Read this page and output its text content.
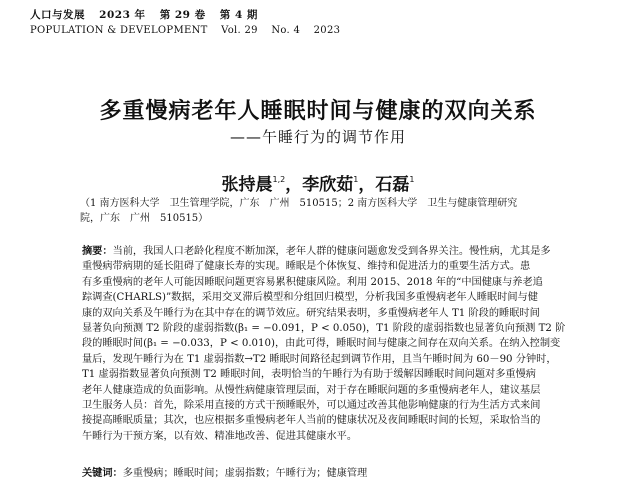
人口与发展 2023 年 第 29 卷 第 4 期
POPULATION & DEVELOPMENT Vol. 29 No. 4 2023
多重慢病老年人睡眠时间与健康的双向关系
——午睡行为的调节作用
张持晨$^{1,2}$，李欣茹$^1$，石磊$^1$
（1 南方医科大学　卫生管理学院，广东　广州　510515；2 南方医科大学　卫生与健康管理研究
院，广东　广州　510515）
摘要：当前，我国人口老龄化程度不断加深，老年人群的健康问题愈发受到各界关注。慢性病，尤其是多
重慢病带病期的延长阻碍了健康长寿的实现。睡眠是个体恢复、维持和促进活力的重要生活方式。患
有多重慢病的老年人可能因睡眠问题更容易累积健康风险。利用 2015、2018 年的“中国健康与养老追
踪调查(CHARLS)”数据，采用交叉滞后模型和分组回归模型，分析我国多重慢病老年人睡眠时间与健
康的双向关系及午睡行为在其中存在的调节效应。研究结果表明，多重慢病老年人 T1 阶段的睡眠时间
显著负向预测 T2 阶段的虚弱指数(β₁ = −0.091，P < 0.050)，T1 阶段的虚弱指数也显著负向预测 T2 阶
段的睡眠时间(β₁ = −0.033，P < 0.010)，由此可得，睡眠时间与健康之间存在双向关系。在纳入控制变
量后，发现午睡行为在 T1 虚弱指数→T2 睡眠时间路径起到调节作用，且当午睡时间为 60－90 分钟时，
T1 虚弱指数显著负向预测 T2 睡眠时间，表明恰当的午睡行为有助于缓解因睡眠时间问题对多重慢病
老年人健康造成的负面影响。从慢性病健康管理层面，对于存在睡眠问题的多重慢病老年人，建议基层
卫生服务人员：首先，除采用直接的方式干预睡眠外，可以通过改善其他影响健康的行为生活方式来间
接提高睡眠质量；其次，也应根据多重慢病老年人当前的健康状况及夜间睡眠时间的长短，采取恰当的
午睡行为干预方案，以有效、精准地改善、促进其健康水平。
关键词：多重慢病；睡眠时间；虚弱指数；午睡行为；健康管理
